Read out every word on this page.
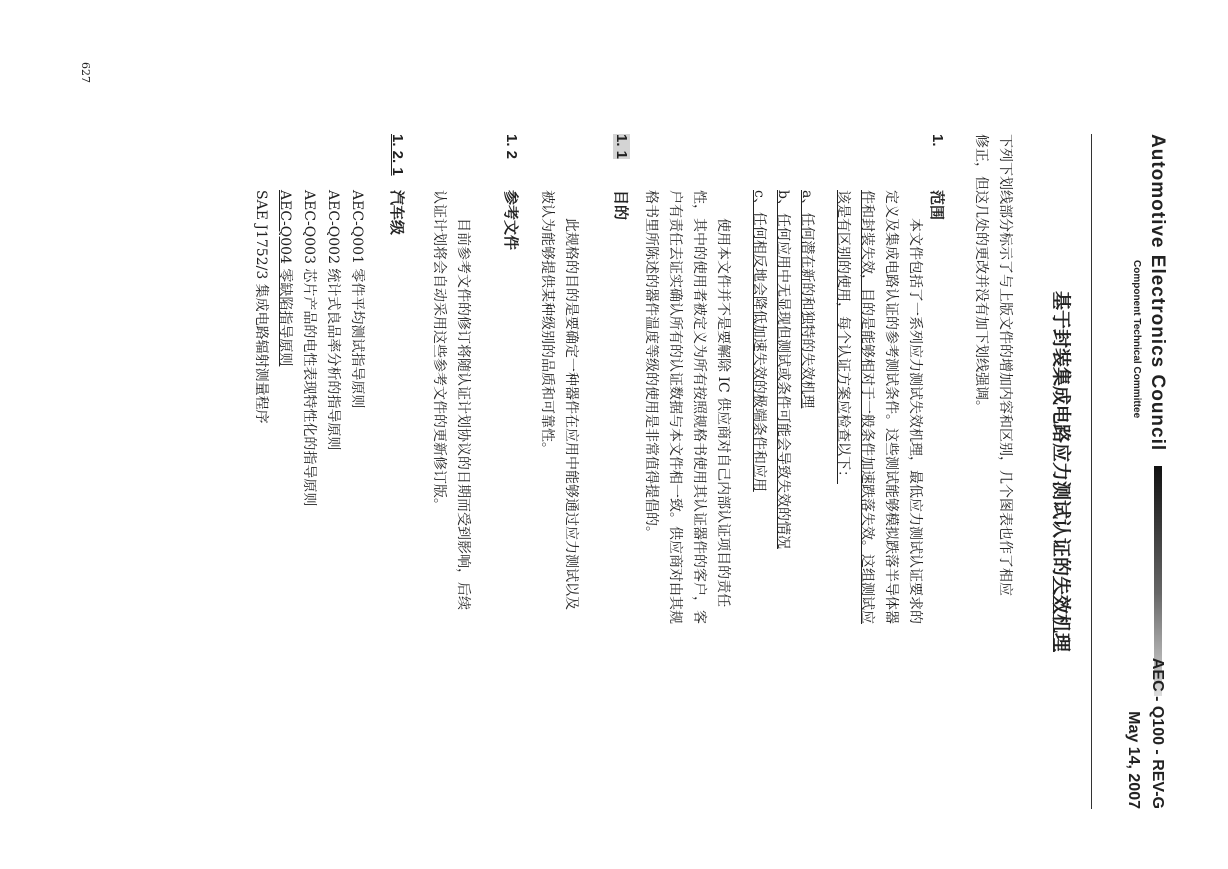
Automotive Electronics Council
Component Technical Committee
AEC - Q100 - REV-G
May 14, 2007
基于封装集成电路应力测试认证的失效机理
下列下划线部分标示了与上版文件的增加内容和区别，几个图表也作了相应
修正，但这几处的更改并没有加下划线强调。
1.
范围
本文件包括了一系列应力测试失效机理，最低应力测试认证要求的
定义及集成电路认证的参考测试条件。这些测试能够模拟跌落半导体器
件和封装失效，目的是能够相对于一般条件加速跌落失效。这组测试应
该是有区别的使用，每个认证方案应检查以下：
a、任何潜在新的和独特的失效机理
b、任何应用中无显现但测试或条件可能会导致失效的情况
c、任何相反地会降低加速失效的极端条件和应用
使用本文件并不是要解除 IC 供应商对自己内部认证项目的责任
性，其中的使用者被定义为所有按照规格书使用其认证器件的客户，客
户有责任去证实确认所有的认证数据与本文件相一致。供应商对由其规
格书里所陈述的器件温度等级的使用是非常值得提倡的。
1. 1
目的
此规格的目的是要确定一种器件在应用中能够通过应力测试以及
被认为能够提供某种级别的品质和可靠性。
1. 2
参考文件
目前参考文件的修订将随认证计划协议的日期而受到影响，后续
认证计划将会自动采用这些参考文件的更新修订版。
1. 2. 1
汽车级
AEC-Q001 零件平均测试指导原则
AEC-Q002 统计式良品率分析的指导原则
AEC-Q003 芯片产品的电性表现特性化的指导原则
AEC-Q004 零缺陷指导原则
SAE J1752/3 集成电路辐射测量程序
627
